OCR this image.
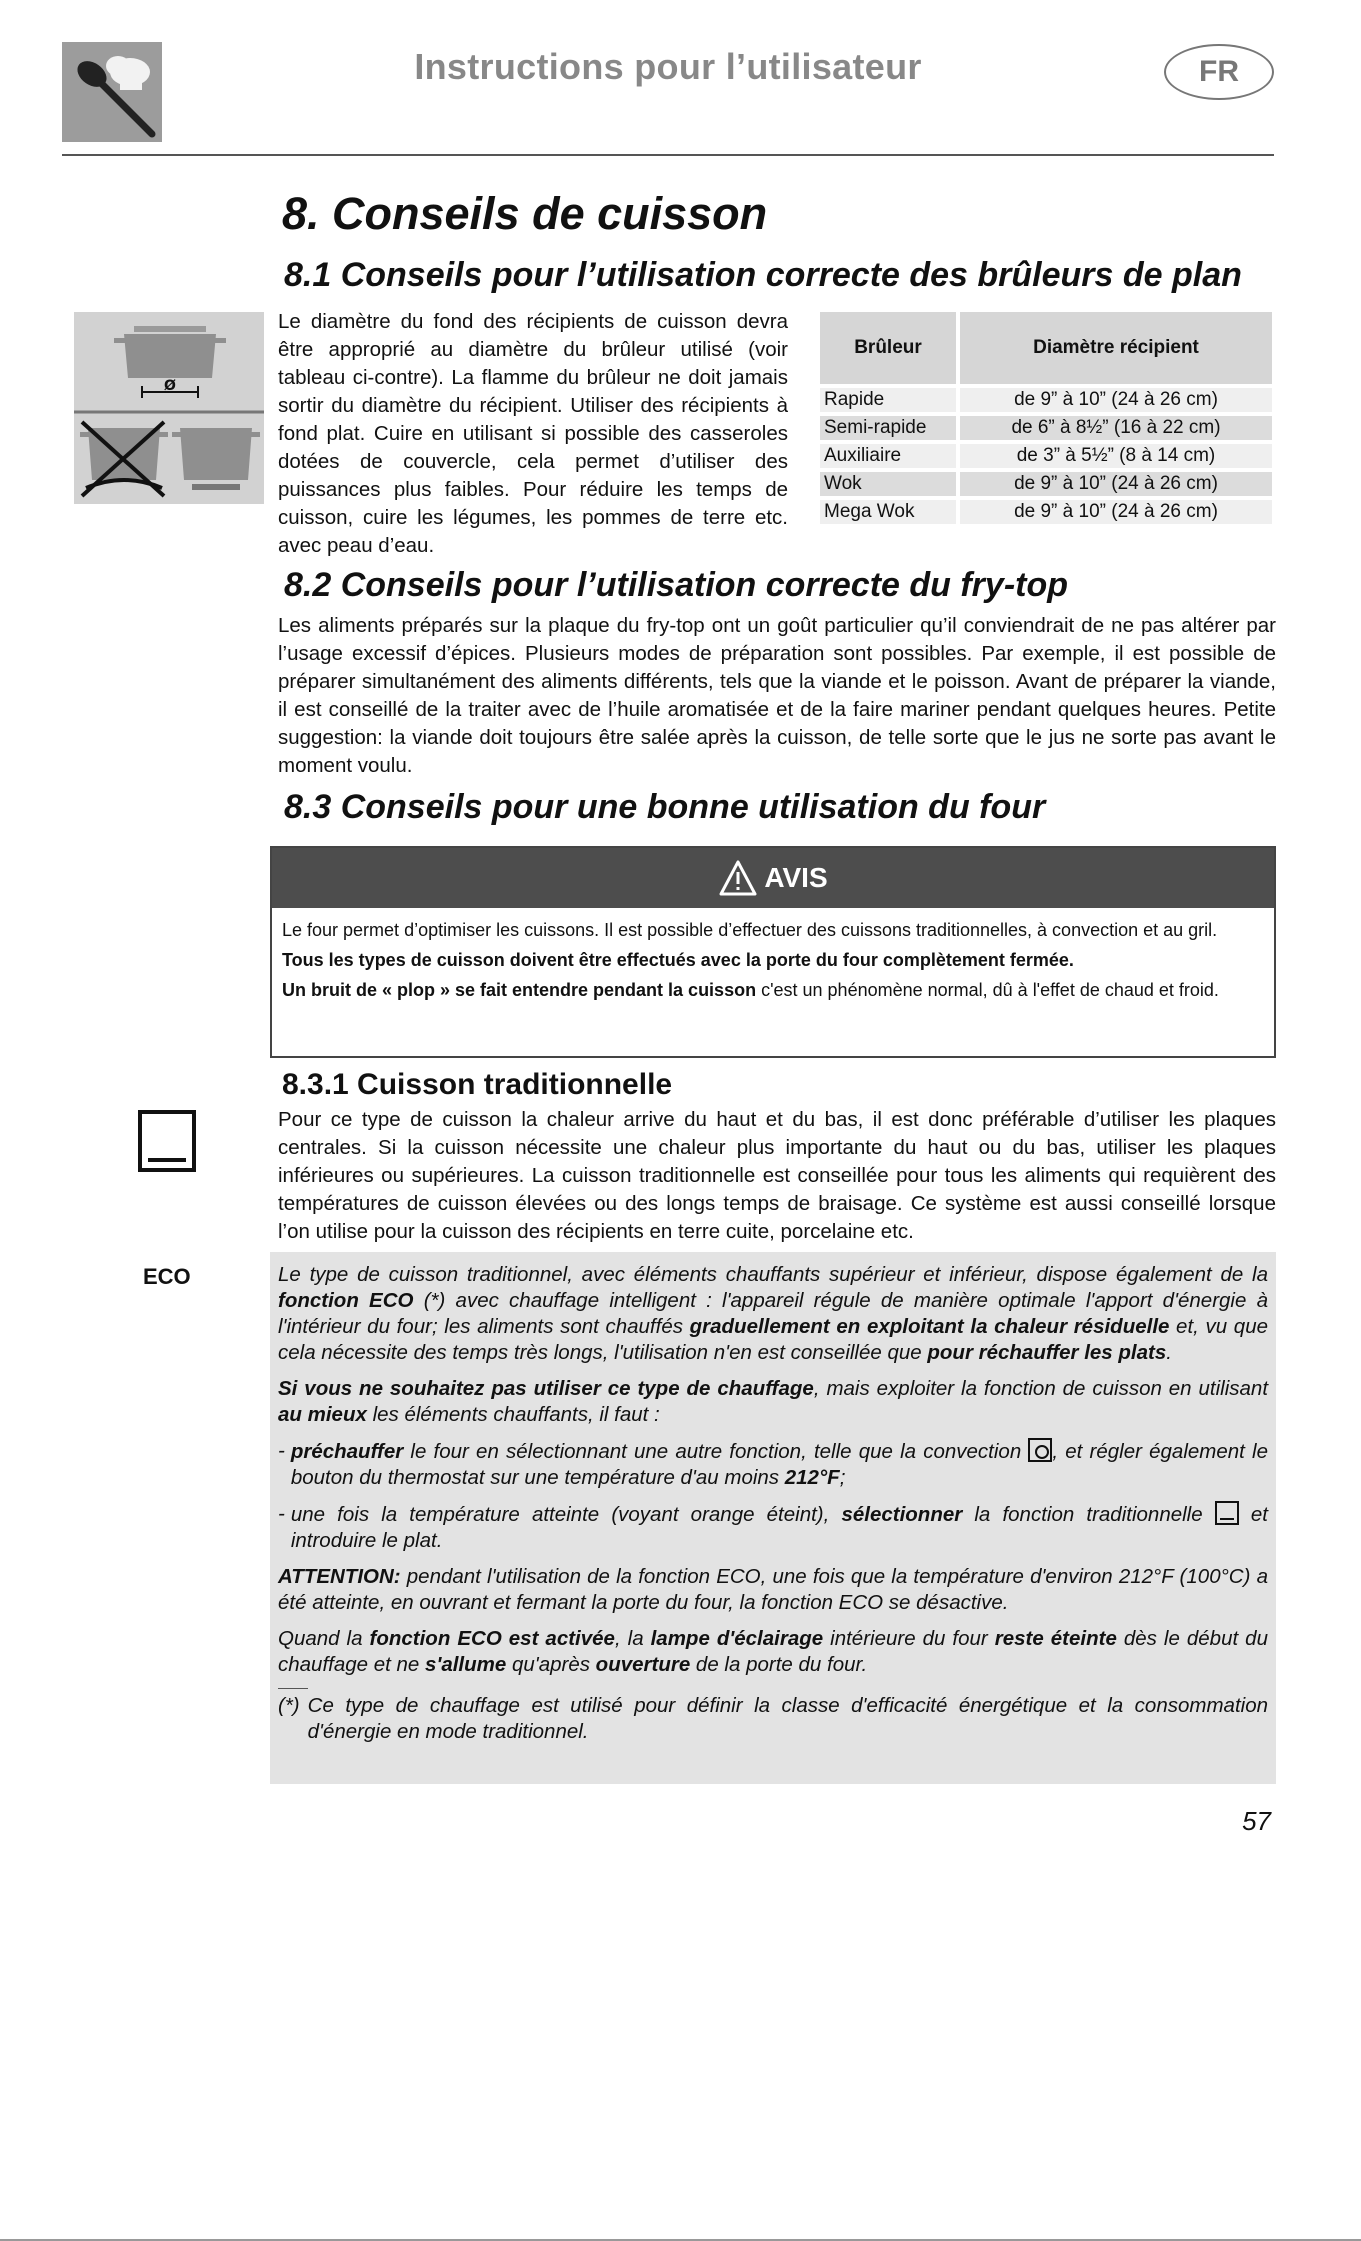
Instructions pour l’utilisateur	FR
8. Conseils de cuisson
8.1 Conseils pour l’utilisation correcte des brûleurs de plan
Ø
Le diamètre du fond des récipients de cuisson devra être approprié au diamètre du brûleur utilisé (voir tableau ci-contre). La flamme du brûleur ne doit jamais sortir du diamètre du récipient. Utiliser des récipients à fond plat. Cuire en utilisant si possible des casseroles dotées de couvercle, cela permet d’utiliser des puissances plus faibles. Pour réduire les temps de cuisson, cuire les légumes, les pommes de terre etc. avec peau d’eau.
Brûleur	Diamètre récipient
Rapide	de 9” à 10” (24 à 26 cm)
Semi-rapide	de 6” à 8½” (16 à 22 cm)
Auxiliaire	de 3” à 5½” (8 à 14 cm)
Wok	de 9” à 10” (24 à 26 cm)
Mega Wok	de 9” à 10” (24 à 26 cm)
8.2 Conseils pour l’utilisation correcte du fry-top
Les aliments préparés sur la plaque du fry-top ont un goût particulier qu’il conviendrait de ne pas altérer par l’usage excessif d’épices. Plusieurs modes de préparation sont possibles. Par exemple, il est possible de préparer simultanément des aliments différents, tels que la viande et le poisson. Avant de préparer la viande, il est conseillé de la traiter avec de l’huile aromatisée et de la faire mariner pendant quelques heures. Petite suggestion: la viande doit toujours être salée après la cuisson, de telle sorte que le jus ne sorte pas avant le moment voulu.
8.3 Conseils pour une bonne utilisation du four
AVIS

Le four permet d’optimiser les cuissons. Il est possible d’effectuer des cuissons traditionnelles, à convection et au gril.

Tous les types de cuisson doivent être effectués avec la porte du four complètement fermée.

Un bruit de « plop » se fait entendre pendant la cuisson c'est un phénomène normal, dû à l'effet de chaud et froid.

8.3.1 Cuisson traditionnelle
Pour ce type de cuisson la chaleur arrive du haut et du bas, il est donc préférable d’utiliser les plaques centrales. Si la cuisson nécessite une chaleur plus importante du haut ou du bas, utiliser les plaques inférieures ou supérieures. La cuisson traditionnelle est conseillée pour tous les aliments qui requièrent des températures de cuisson élevées ou des longs temps de braisage. Ce système est aussi conseillé lorsque l’on utilise pour la cuisson des récipients en terre cuite, porcelaine etc.
ECO	Le type de cuisson traditionnel, avec éléments chauffants supérieur et inférieur, dispose également de la fonction ECO (*) avec chauffage intelligent : l'appareil régule de manière optimale l'apport d'énergie à l'intérieur du four; les aliments sont chauffés graduellement en exploitant la chaleur résiduelle et, vu que cela nécessite des temps très longs, l'utilisation n'en est conseillée que pour réchauffer les plats.

Si vous ne souhaitez pas utiliser ce type de chauffage, mais exploiter la fonction de cuisson en utilisant au mieux les éléments chauffants, il faut :

- préchauffer le four en sélectionnant une autre fonction, telle que la convection , et régler également le bouton du thermostat sur une température d'au moins 212°F;
- une fois la température atteinte (voyant orange éteint), sélectionner la fonction traditionnelle  et introduire le plat.

ATTENTION: pendant l'utilisation de la fonction ECO, une fois que la température d'environ 212°F (100°C) a été atteinte, en ouvrant et fermant la porte du four, la fonction ECO se désactive.

Quand la fonction ECO est activée, la lampe d'éclairage intérieure du four reste éteinte dès le début du chauffage et ne s'allume qu'après ouverture de la porte du four.

(*) Ce type de chauffage est utilisé pour définir la classe d'efficacité énergétique et la consommation d'énergie en mode traditionnel.
57
